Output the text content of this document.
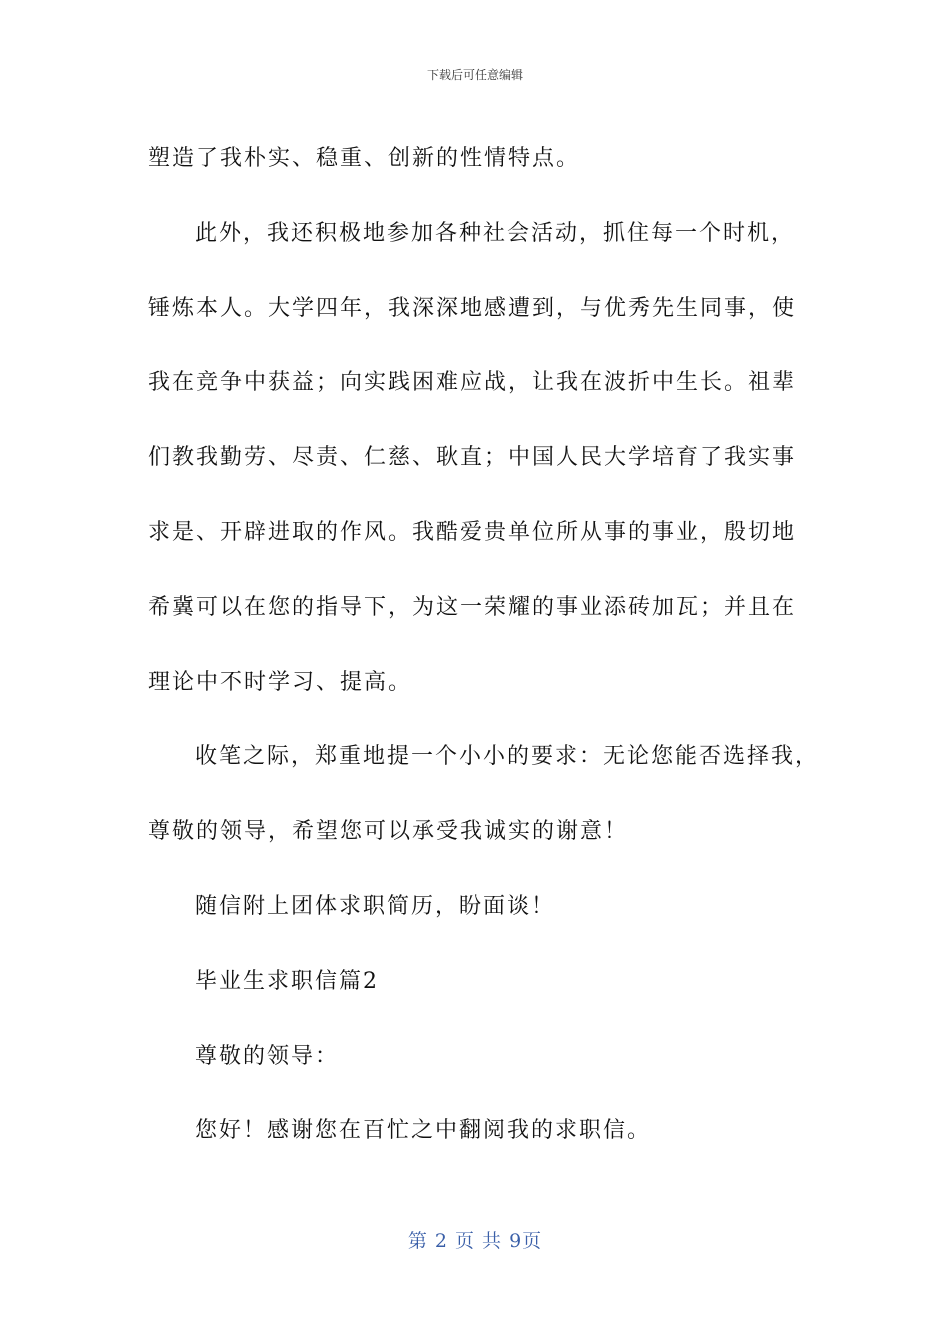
下载后可任意编辑
塑造了我朴实、稳重、创新的性情特点。
此外，我还积极地参加各种社会活动，抓住每一个时机，
锤炼本人。大学四年，我深深地感遭到，与优秀先生同事，使
我在竞争中获益；向实践困难应战，让我在波折中生长。祖辈
们教我勤劳、尽责、仁慈、耿直；中国人民大学培育了我实事
求是、开辟进取的作风。我酷爱贵单位所从事的事业，殷切地
希冀可以在您的指导下，为这一荣耀的事业添砖加瓦；并且在
理论中不时学习、提高。
收笔之际，郑重地提一个小小的要求：无论您能否选择我，
尊敬的领导，希望您可以承受我诚实的谢意！
随信附上团体求职简历，盼面谈！
毕业生求职信篇2
尊敬的领导：
您好！感谢您在百忙之中翻阅我的求职信。
第 2 页 共 9页
